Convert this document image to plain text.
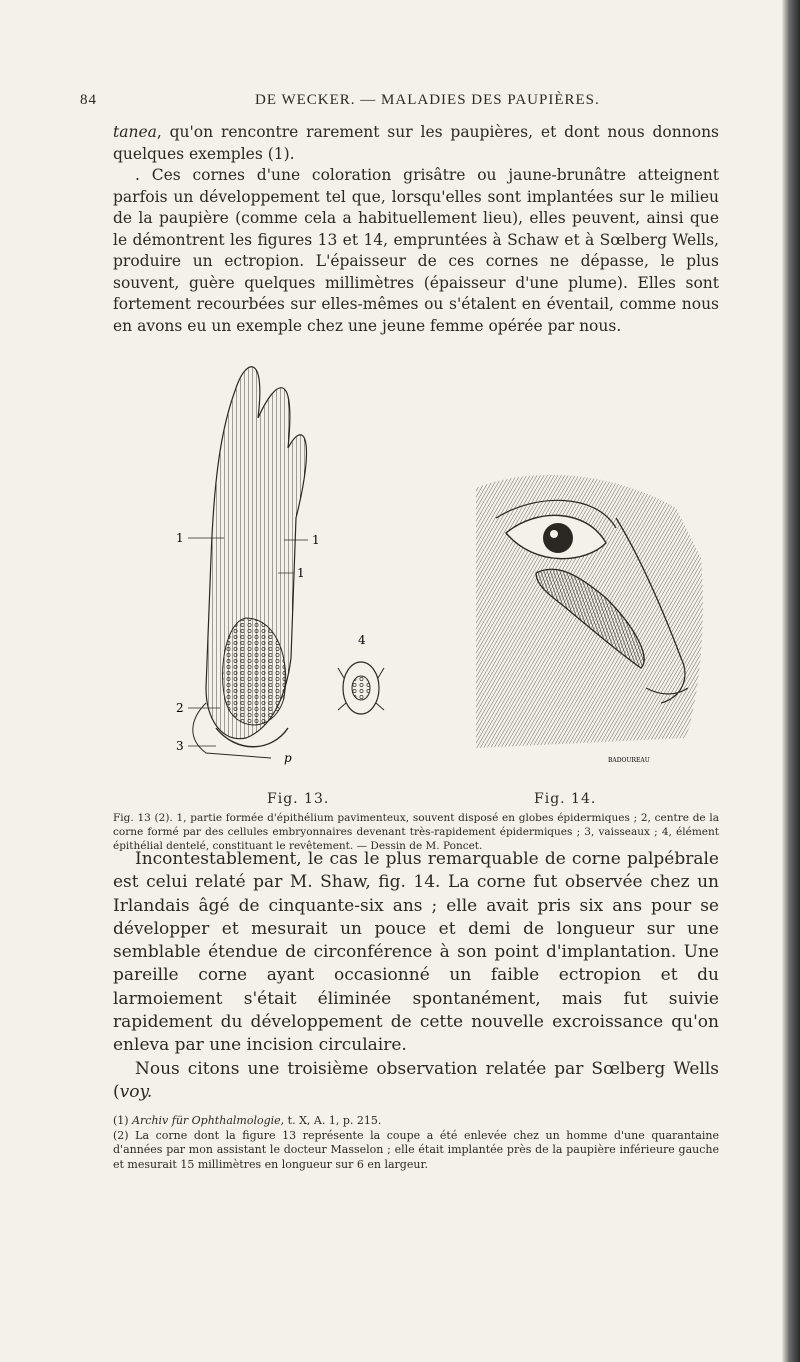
84	DE WECKER. — MALADIES DES PAUPIÈRES.

tanea, qu'on rencontre rarement sur les paupières, et dont nous donnons quelques exemples (1).

. Ces cornes d'une coloration grisâtre ou jaune-brunâtre atteignent parfois un développement tel que, lorsqu'elles sont implantées sur le milieu de la paupière (comme cela a habituellement lieu), elles peuvent, ainsi que le démontrent les figures 13 et 14, empruntées à Schaw et à Sœlberg Wells, produire un ectropion. L'épaisseur de ces cornes ne dépasse, le plus souvent, guère quelques millimètres (épaisseur d'une plume). Elles sont fortement recourbées sur elles-mêmes ou s'étalent en éventail, comme nous en avons eu un exemple chez une jeune femme opérée par nous.

1	1
1
2
3
4
p	BADOUREAU
Fig. 13.	Fig. 14.
Fig. 13 (2). 1, partie formée d'épithélium pavimenteux, souvent disposé en globes épidermiques ; 2, centre de la corne formé par des cellules embryonnaires devenant très-rapidement épidermiques ; 3, vaisseaux ; 4, élément épithélial dentelé, constituant le revêtement. — Dessin de M. Poncet.

Incontestablement, le cas le plus remarquable de corne palpébrale est celui relaté par M. Shaw, fig. 14. La corne fut observée chez un Irlandais âgé de cinquante-six ans ; elle avait pris six ans pour se développer et mesurait un pouce et demi de longueur sur une semblable étendue de circonférence à son point d'implantation. Une pareille corne ayant occasionné un faible ectropion et du larmoiement s'était éliminée spontanément, mais fut suivie rapidement du développement de cette nouvelle excroissance qu'on enleva par une incision circulaire.

Nous citons une troisième observation relatée par Sœlberg Wells (voy.

(1) Archiv für Ophthalmologie, t. X, A. 1, p. 215.

(2) La corne dont la figure 13 représente la coupe a été enlevée chez un homme d'une quarantaine d'années par mon assistant le docteur Masselon ; elle était implantée près de la paupière inférieure gauche et mesurait 15 millimètres en longueur sur 6 en largeur.
